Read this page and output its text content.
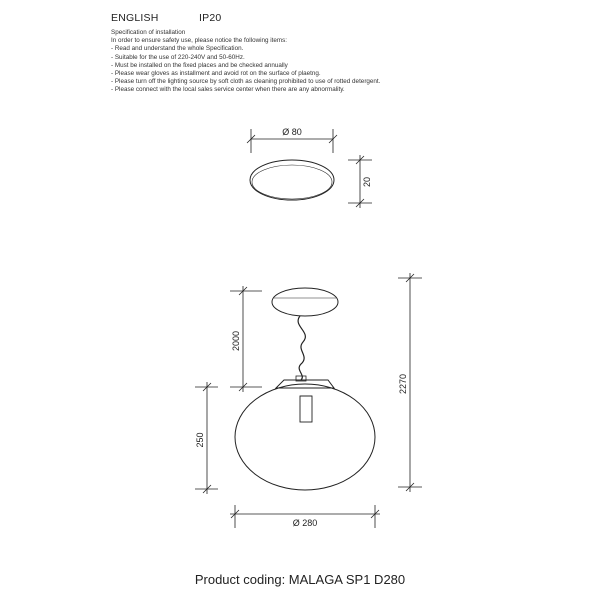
ENGLISH	IP20
Specification of installation
In order to ensure safety use, please notice the following items:
- Read and understand the whole Specification.
- Suitable for the use of 220-240V and 50-60Hz.
- Must be installed on the fixed places and be checked annually
- Please wear gloves as installment and avoid rot on the surface of plaetng.
- Please turn off the lighting source by soft cloth as cleaning prohibited to use of rotted detergent.
- Please connect with the local sales service center when there are any abnormality.
Ø 80
20
2000
2270
250
Ø 280
Product coding: MALAGA SP1 D280
